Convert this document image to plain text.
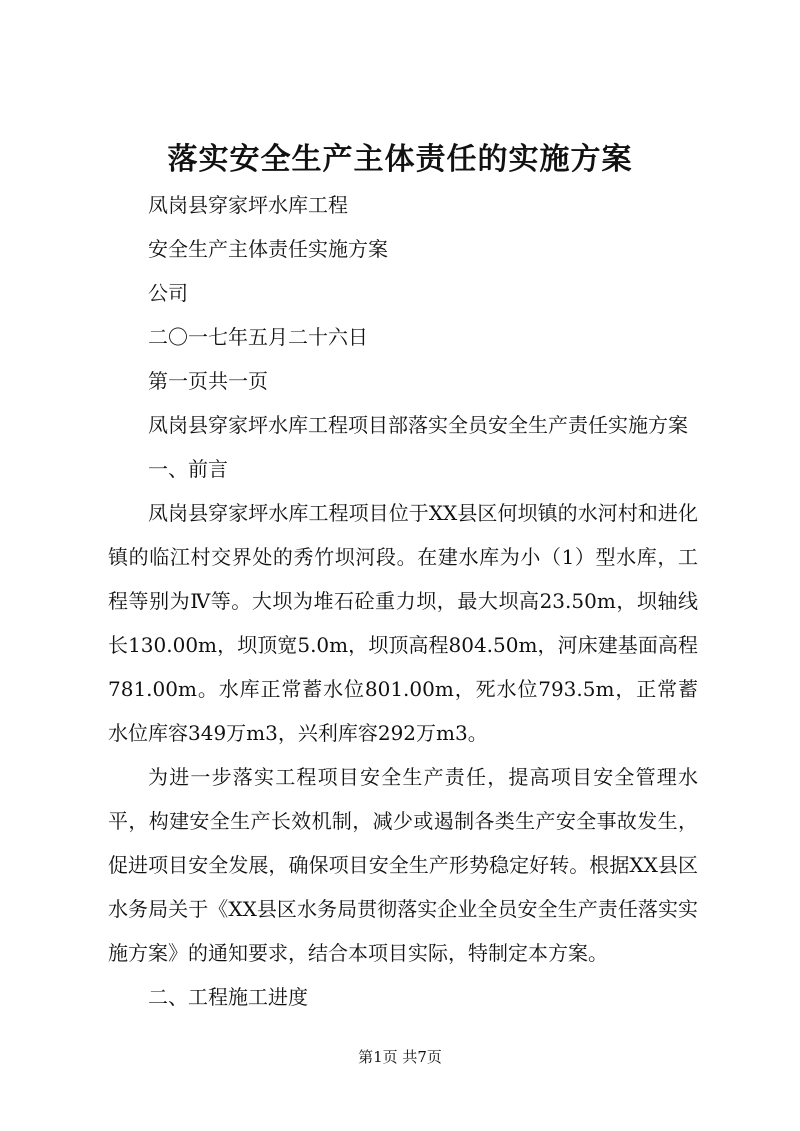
落实安全生产主体责任的实施方案
凤岗县穿家坪水库工程
安全生产主体责任实施方案
公司
二〇一七年五月二十六日
第一页共一页

凤岗县穿家坪水库工程项目部落实全员安全生产责任实施方案

一、前言

凤岗县穿家坪水库工程项目位于XX县区何坝镇的水河村和进化镇的临江村交界处的秀竹坝河段。在建水库为小（1）型水库，工程等别为Ⅳ等。大坝为堆石砼重力坝，最大坝高23.50m，坝轴线长130.00m，坝顶宽5.0m，坝顶高程804.50m，河床建基面高程781.00m。水库正常蓄水位801.00m，死水位793.5m，正常蓄水位库容349万m3，兴利库容292万m3。

为进一步落实工程项目安全生产责任，提高项目安全管理水平，构建安全生产长效机制，减少或遏制各类生产安全事故发生，促进项目安全发展，确保项目安全生产形势稳定好转。根据XX县区水务局关于《XX县区水务局贯彻落实企业全员安全生产责任落实实施方案》的通知要求，结合本项目实际，特制定本方案。

二、工程施工进度

第1页 共7页
